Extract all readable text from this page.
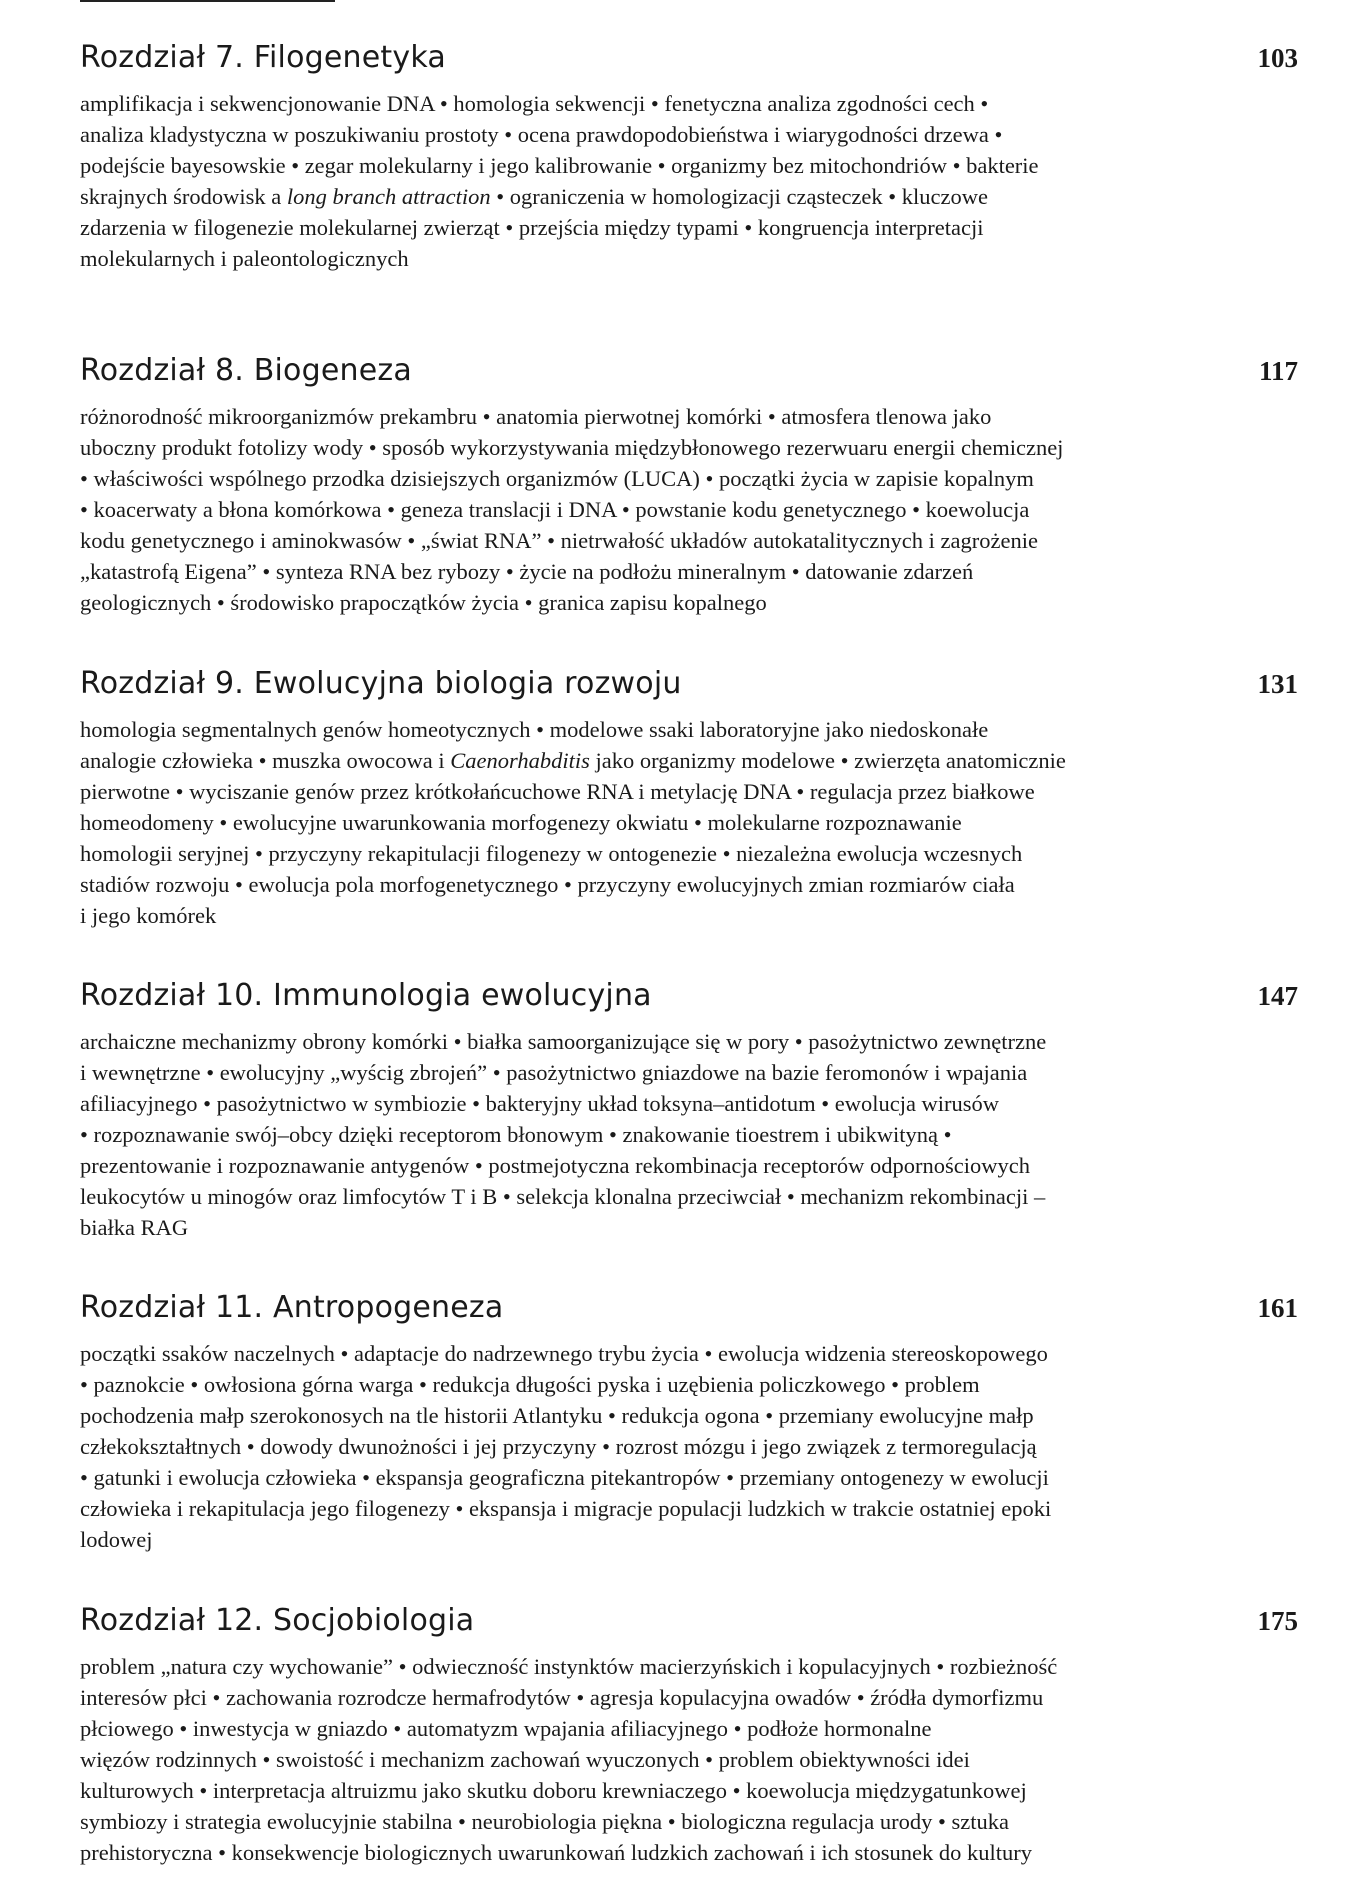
Rozdział 7. Filogenetyka	103

amplifikacja i sekwencjonowanie DNA • homologia sekwencji • fenetyczna analiza zgodności cech •
analiza kladystyczna w poszukiwaniu prostoty • ocena prawdopodobieństwa i wiarygodności drzewa •
podejście bayesowskie • zegar molekularny i jego kalibrowanie • organizmy bez mitochondriów • bakterie
skrajnych środowisk a long branch attraction • ograniczenia w homologizacji cząsteczek • kluczowe
zdarzenia w filogenezie molekularnej zwierząt • przejścia między typami • kongruencja interpretacji
molekularnych i paleontologicznych

Rozdział 8. Biogeneza	117

różnorodność mikroorganizmów prekambru • anatomia pierwotnej komórki • atmosfera tlenowa jako
uboczny produkt fotolizy wody • sposób wykorzystywania międzybłonowego rezerwuaru energii chemicznej
• właściwości wspólnego przodka dzisiejszych organizmów (LUCA) • początki życia w zapisie kopalnym
• koacerwaty a błona komórkowa • geneza translacji i DNA • powstanie kodu genetycznego • koewolucja
kodu genetycznego i aminokwasów • „świat RNA” • nietrwałość układów autokatalitycznych i zagrożenie
„katastrofą Eigena” • synteza RNA bez rybozy • życie na podłożu mineralnym • datowanie zdarzeń
geologicznych • środowisko prapoczątków życia • granica zapisu kopalnego

Rozdział 9. Ewolucyjna biologia rozwoju	131

homologia segmentalnych genów homeotycznych • modelowe ssaki laboratoryjne jako niedoskonałe
analogie człowieka • muszka owocowa i Caenorhabditis jako organizmy modelowe • zwierzęta anatomicznie
pierwotne • wyciszanie genów przez krótkołańcuchowe RNA i metylację DNA • regulacja przez białkowe
homeodomeny • ewolucyjne uwarunkowania morfogenezy okwiatu • molekularne rozpoznawanie
homologii seryjnej • przyczyny rekapitulacji filogenezy w ontogenezie • niezależna ewolucja wczesnych
stadiów rozwoju • ewolucja pola morfogenetycznego • przyczyny ewolucyjnych zmian rozmiarów ciała
i jego komórek

Rozdział 10. Immunologia ewolucyjna	147

archaiczne mechanizmy obrony komórki • białka samoorganizujące się w pory • pasożytnictwo zewnętrzne
i wewnętrzne • ewolucyjny „wyścig zbrojeń” • pasożytnictwo gniazdowe na bazie feromonów i wpajania
afiliacyjnego • pasożytnictwo w symbiozie • bakteryjny układ toksyna–antidotum • ewolucja wirusów
• rozpoznawanie swój–obcy dzięki receptorom błonowym • znakowanie tioestrem i ubikwityną •
prezentowanie i rozpoznawanie antygenów • postmejotyczna rekombinacja receptorów odpornościowych
leukocytów u minogów oraz limfocytów T i B • selekcja klonalna przeciwciał • mechanizm rekombinacji –
białka RAG

Rozdział 11. Antropogeneza	161

początki ssaków naczelnych • adaptacje do nadrzewnego trybu życia • ewolucja widzenia stereoskopowego
• paznokcie • owłosiona górna warga • redukcja długości pyska i uzębienia policzkowego • problem
pochodzenia małp szerokonosych na tle historii Atlantyku • redukcja ogona • przemiany ewolucyjne małp
człekokształtnych • dowody dwunożności i jej przyczyny • rozrost mózgu i jego związek z termoregulacją
• gatunki i ewolucja człowieka • ekspansja geograficzna pitekantropów • przemiany ontogenezy w ewolucji
człowieka i rekapitulacja jego filogenezy • ekspansja i migracje populacji ludzkich w trakcie ostatniej epoki
lodowej

Rozdział 12. Socjobiologia	175

problem „natura czy wychowanie” • odwieczność instynktów macierzyńskich i kopulacyjnych • rozbieżność
interesów płci • zachowania rozrodcze hermafrodytów • agresja kopulacyjna owadów • źródła dymorfizmu
płciowego • inwestycja w gniazdo • automatyzm wpajania afiliacyjnego • podłoże hormonalne
więzów rodzinnych • swoistość i mechanizm zachowań wyuczonych • problem obiektywności idei
kulturowych • interpretacja altruizmu jako skutku doboru krewniaczego • koewolucja międzygatunkowej
symbiozy i strategia ewolucyjnie stabilna • neurobiologia piękna • biologiczna regulacja urody • sztuka
prehistoryczna • konsekwencje biologicznych uwarunkowań ludzkich zachowań i ich stosunek do kultury
